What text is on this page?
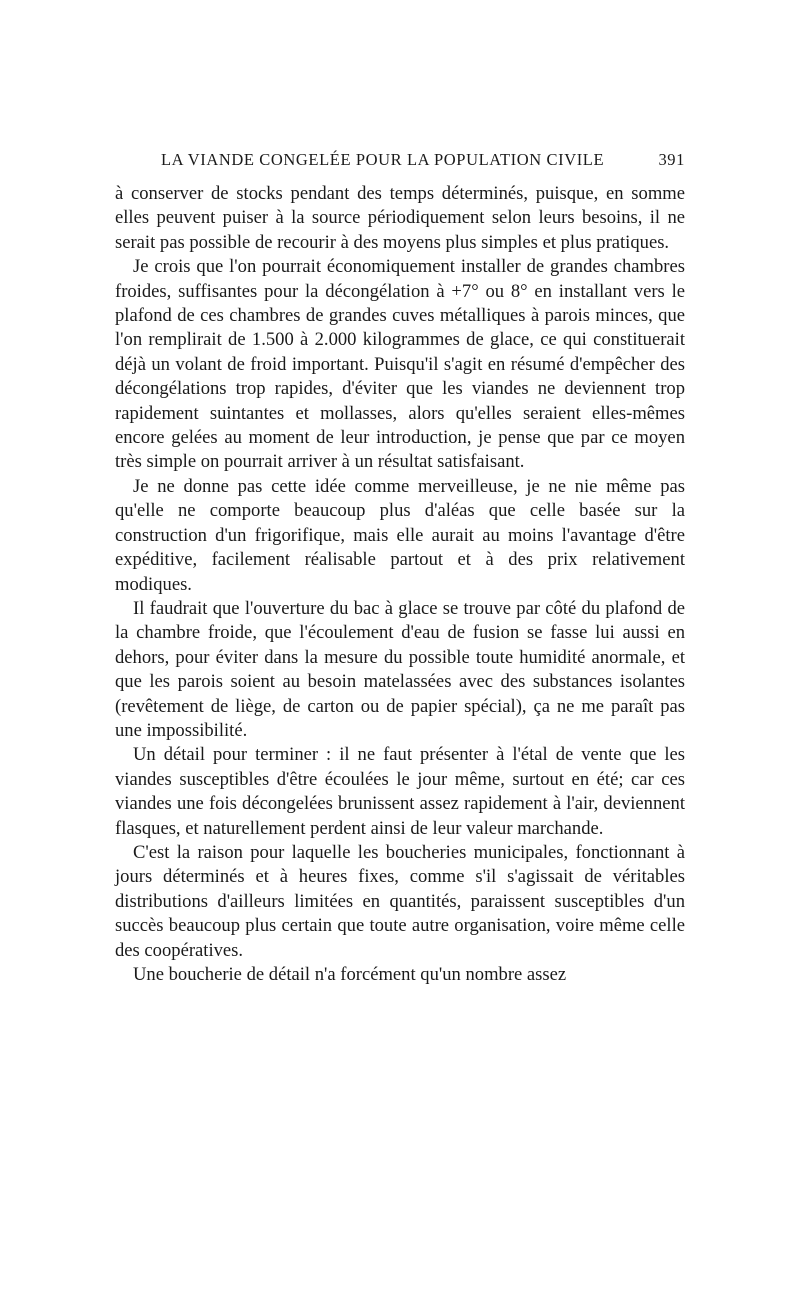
LA VIANDE CONGELÉE POUR LA POPULATION CIVILE	391

à conserver de stocks pendant des temps déterminés, puisque, en somme elles peuvent puiser à la source périodiquement selon leurs besoins, il ne serait pas possible de recourir à des moyens plus simples et plus pratiques.

Je crois que l'on pourrait économiquement installer de grandes chambres froides, suffisantes pour la décongélation à +7° ou 8° en installant vers le plafond de ces chambres de grandes cuves métalliques à parois minces, que l'on remplirait de 1.500 à 2.000 kilogrammes de glace, ce qui constituerait déjà un volant de froid important. Puisqu'il s'agit en résumé d'empêcher des décongélations trop rapides, d'éviter que les viandes ne deviennent trop rapidement suintantes et mollasses, alors qu'elles seraient elles-mêmes encore gelées au moment de leur introduction, je pense que par ce moyen très simple on pourrait arriver à un résultat satisfaisant.

Je ne donne pas cette idée comme merveilleuse, je ne nie même pas qu'elle ne comporte beaucoup plus d'aléas que celle basée sur la construction d'un frigorifique, mais elle aurait au moins l'avantage d'être expéditive, facilement réalisable partout et à des prix relativement modiques.

Il faudrait que l'ouverture du bac à glace se trouve par côté du plafond de la chambre froide, que l'écoulement d'eau de fusion se fasse lui aussi en dehors, pour éviter dans la mesure du possible toute humidité anormale, et que les parois soient au besoin matelassées avec des substances isolantes (revêtement de liège, de carton ou de papier spécial), ça ne me paraît pas une impossibilité.

Un détail pour terminer : il ne faut présenter à l'étal de vente que les viandes susceptibles d'être écoulées le jour même, surtout en été; car ces viandes une fois décongelées brunissent assez rapidement à l'air, deviennent flasques, et naturellement perdent ainsi de leur valeur marchande.

C'est la raison pour laquelle les boucheries municipales, fonctionnant à jours déterminés et à heures fixes, comme s'il s'agissait de véritables distributions d'ailleurs limitées en quantités, paraissent susceptibles d'un succès beaucoup plus certain que toute autre organisation, voire même celle des coopératives.

Une boucherie de détail n'a forcément qu'un nombre assez
